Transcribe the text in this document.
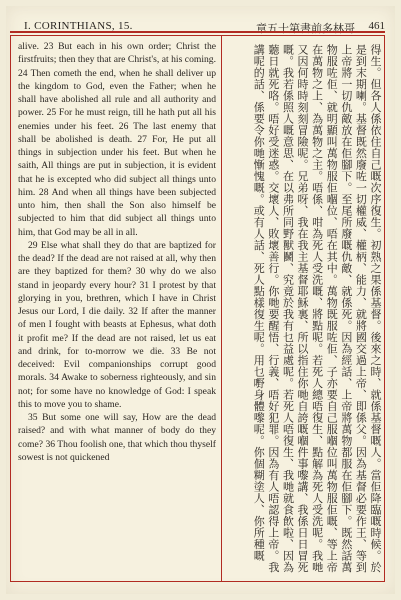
I. CORINTHIANS, 15.	章五十第書前多林哥 461

alive. 23 But each in his own order; Christ the firstfruits; then they that are Christ's, at his coming. 24 Then cometh the end, when he shall deliver up the kingdom to God, even the Father; when he shall have abolished all rule and all authority and power. 25 For he must reign, till he hath put all his enemies under his feet. 26 The last enemy that shall be abolished is death. 27 For, He put all things in subjection under his feet. But when he saith, All things are put in subjection, it is evident that he is excepted who did subject all things unto him. 28 And when all things have been subjected unto him, then shall the Son also himself be subjected to him that did subject all things unto him, that God may be all in all.

29 Else what shall they do that are baptized for the dead? If the dead are not raised at all, why then are they baptized for them? 30 why do we also stand in jeopardy every hour? 31 I protest by that glorying in you, brethren, which I have in Christ Jesus our Lord, I die daily. 32 If after the manner of men I fought with beasts at Ephesus, what doth it profit me? If the dead are not raised, let us eat and drink, for to-morrow we die. 33 Be not deceived: Evil companionships corrupt good morals. 34 Awake to soberness righteously, and sin not; for some have no knowledge of God: I speak this to move you to shame.

35 But some one will say, How are the dead raised? and with what manner of body do they come? 36 Thou foolish one, that which thou thyself sowest is not quickened	得生。但各人係依住自己嘅次序復生。初熟之果係基督。後來之時、就係基督嘅人。當佢降臨嘅時候。於是到末期喇。基督既然廢咗一切權威、權柄、能力、就將國交過上帝、即係父。因為基督必要作王、等到上帝將一切仇敵放在佢腳下。至尾所廢嘅仇敵、就係死。因為經話、上帝將萬物都服在佢腳下。既然話萬物服咗佢、就明顯叫萬物服佢嗰位、唔在其中。萬物既服咗佢、子亦要自己服嗰位叫萬物服佢嘅、等上帝在萬物之上、為萬物之主。唔係、咁為死人受洗嘅、將點呢。若死人總唔復生、點解為死人受洗呢。我哋又因何時時刻刻冒險呢。兄弟呀、我在我主基督耶穌裏、所以指住你哋自誇嘅嗰件事嚟講、我係日日冒死嘅。我若係照人嘅意思、在以弗所同野獸鬭、究竟於我有乜益處呢。若死人唔復生、我哋就食飲啦、因為聽日就死咯。唔好受迷惑。交壞人、敗壞善行。你哋要醒悟、行義、唔好犯罪。因為有人唔認得上帝。我講呢的話、係要令你哋慚愧嘅。或有人話、死人點樣復生呢。用乜嘢身體嚟呢。你個糊塗人、你所種嘅
